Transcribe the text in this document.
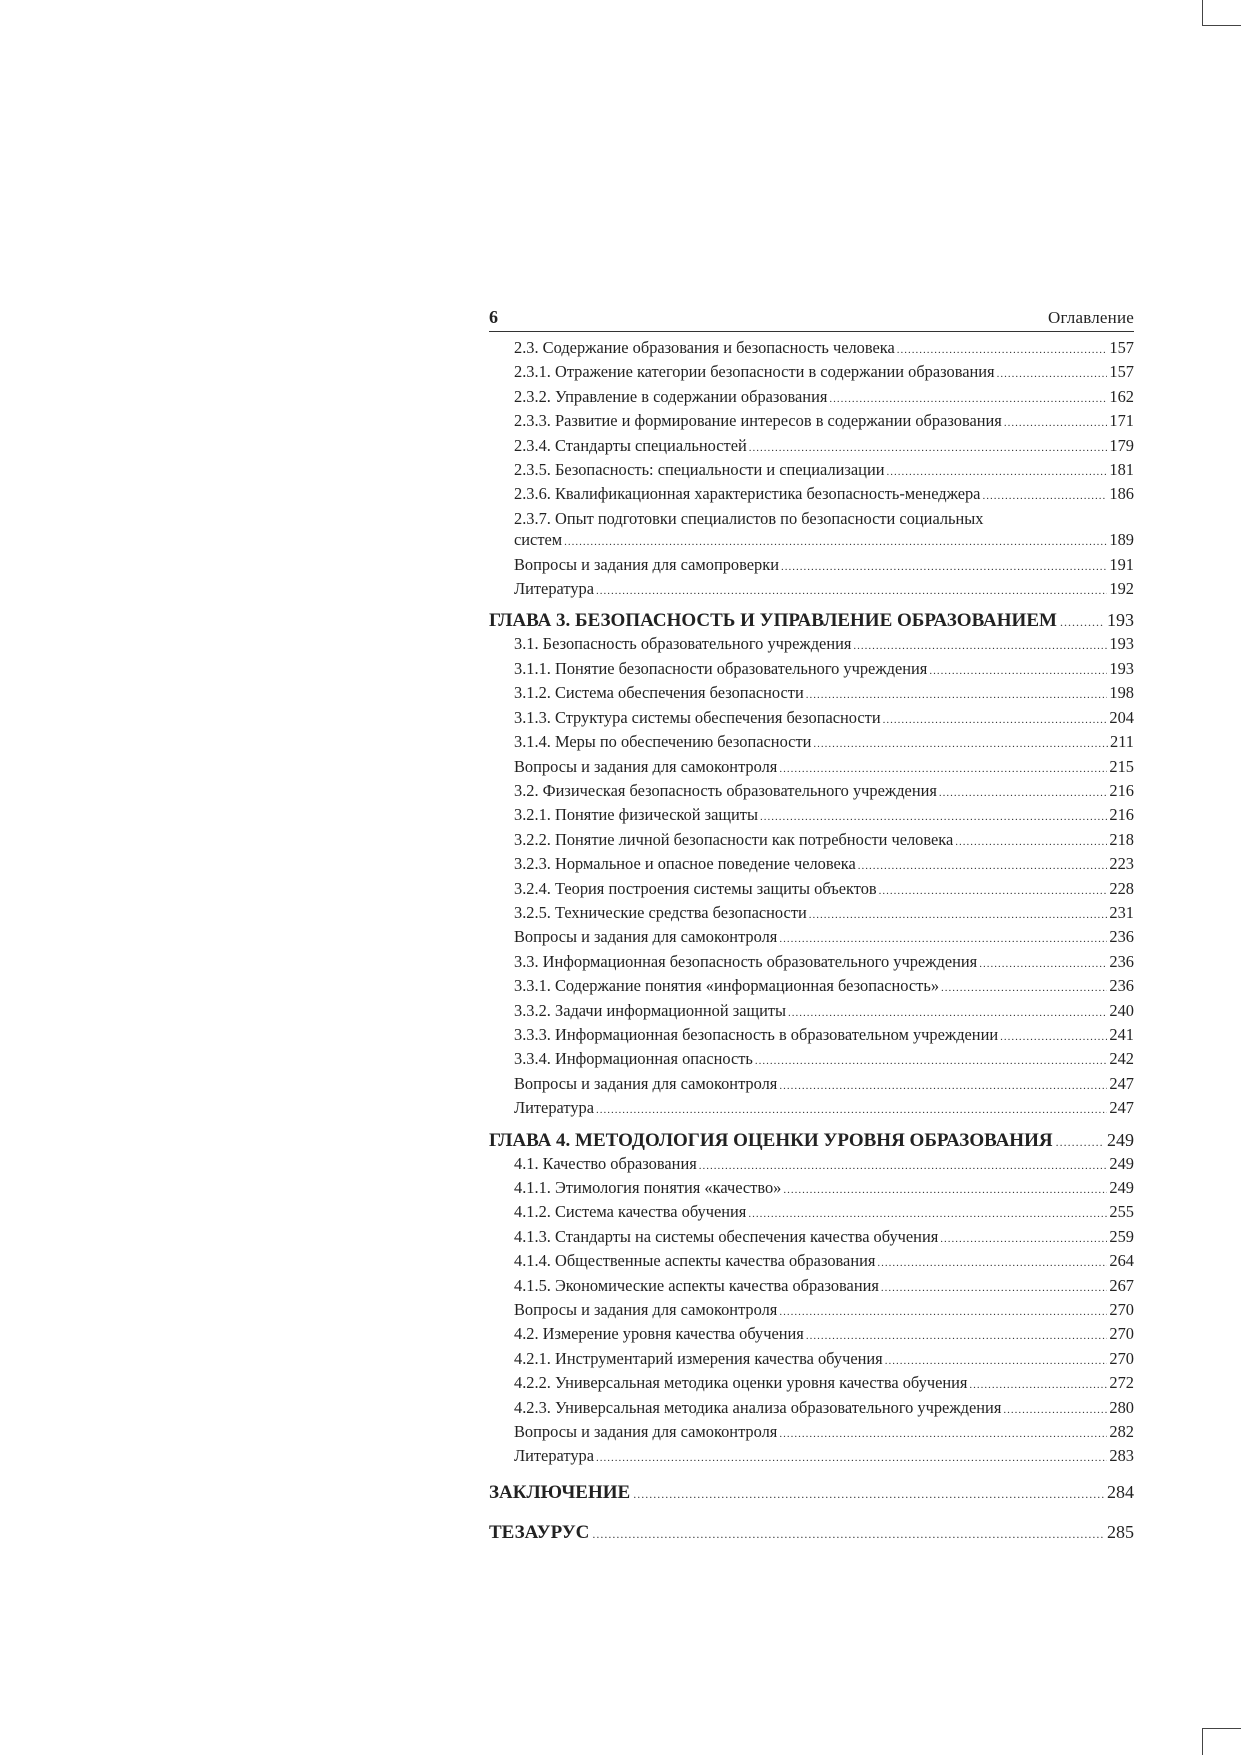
6	Оглавление
2.3. Содержание образования и безопасность человека .....	157
2.3.1. Отражение категории безопасности в содержании образования .....	157
2.3.2. Управление в содержании образования .....	162
2.3.3. Развитие и формирование интересов в содержании образования .....	171
2.3.4. Стандарты специальностей .....	179
2.3.5. Безопасность: специальности и специализации .....	181
2.3.6. Квалификационная характеристика безопасность-менеджера .....	186
2.3.7. Опыт подготовки специалистов по безопасности социальных
систем .....	189
Вопросы и задания для самопроверки .....	191
Литература .....	192
ГЛАВА 3. БЕЗОПАСНОСТЬ И УПРАВЛЕНИЕ ОБРАЗОВАНИЕМ .....	193
3.1. Безопасность образовательного учреждения .....	193
3.1.1. Понятие безопасности образовательного учреждения .....	193
3.1.2. Система обеспечения безопасности .....	198
3.1.3. Структура системы обеспечения безопасности .....	204
3.1.4. Меры по обеспечению безопасности .....	211
Вопросы и задания для самоконтроля .....	215
3.2. Физическая безопасность образовательного учреждения .....	216
3.2.1. Понятие физической защиты .....	216
3.2.2. Понятие личной безопасности как потребности человека .....	218
3.2.3. Нормальное и опасное поведение человека .....	223
3.2.4. Теория построения системы защиты объектов .....	228
3.2.5. Технические средства безопасности .....	231
Вопросы и задания для самоконтроля .....	236
3.3. Информационная безопасность образовательного учреждения .....	236
3.3.1. Содержание понятия «информационная безопасность» .....	236
3.3.2. Задачи информационной защиты .....	240
3.3.3. Информационная безопасность в образовательном учреждении .....	241
3.3.4. Информационная опасность .....	242
Вопросы и задания для самоконтроля .....	247
Литература .....	247
ГЛАВА 4. МЕТОДОЛОГИЯ ОЦЕНКИ УРОВНЯ ОБРАЗОВАНИЯ .....	249
4.1. Качество образования .....	249
4.1.1. Этимология понятия «качество» .....	249
4.1.2. Система качества обучения .....	255
4.1.3. Стандарты на системы обеспечения качества обучения .....	259
4.1.4. Общественные аспекты качества образования .....	264
4.1.5. Экономические аспекты качества образования .....	267
Вопросы и задания для самоконтроля .....	270
4.2. Измерение уровня качества обучения .....	270
4.2.1. Инструментарий измерения качества обучения .....	270
4.2.2. Универсальная методика оценки уровня качества обучения .....	272
4.2.3. Универсальная методика анализа образовательного учреждения .....	280
Вопросы и задания для самоконтроля .....	282
Литература .....	283
ЗАКЛЮЧЕНИЕ .....	284
ТЕЗАУРУС .....	285
